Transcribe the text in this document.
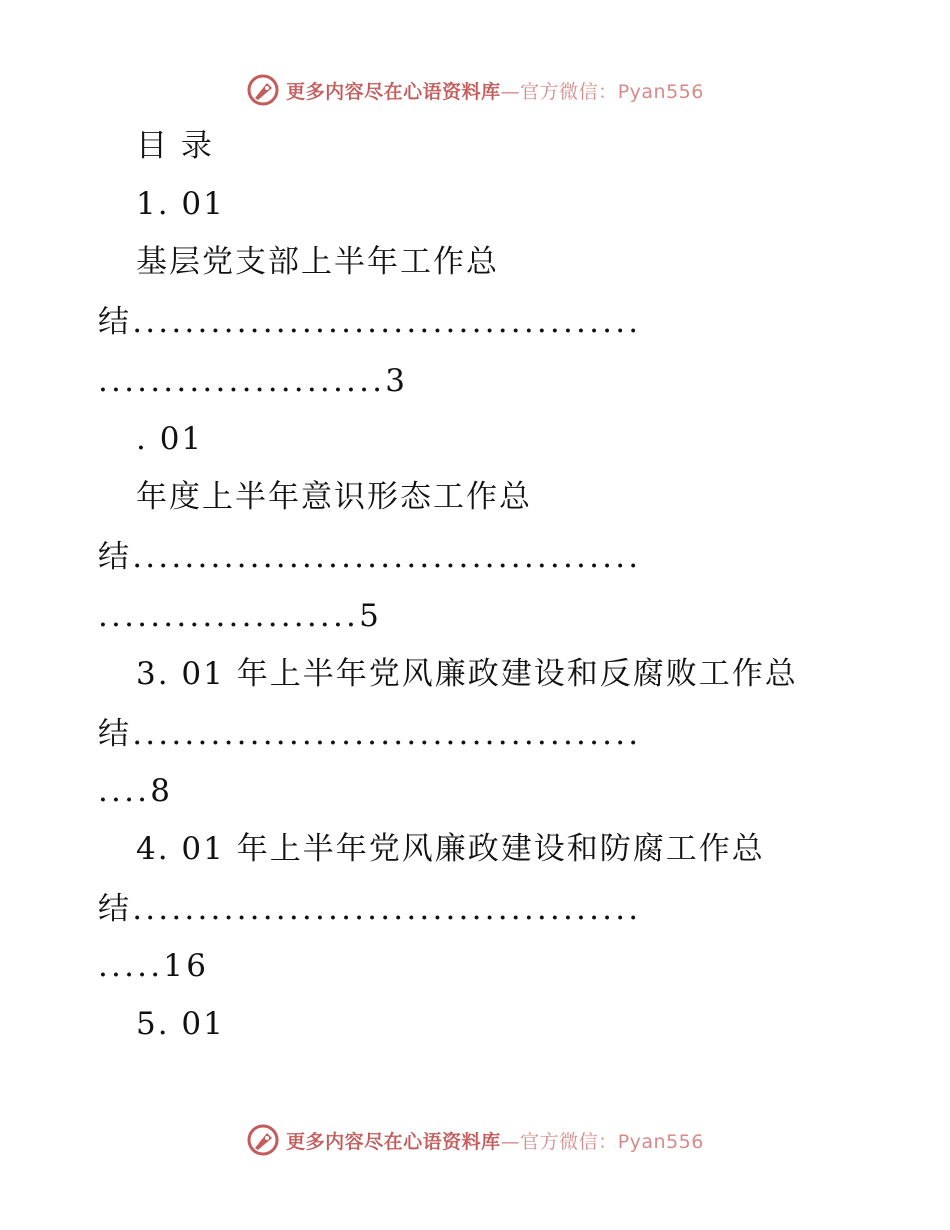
更多内容尽在心语资料库—官方微信：Pyan556
目 录
1. 01
基层党支部上半年工作总
结.......................................
......................3
. 01
年度上半年意识形态工作总
结.......................................
....................5
3. 01 年上半年党风廉政建设和反腐败工作总
结.......................................
....8
4. 01 年上半年党风廉政建设和防腐工作总
结.......................................
.....16
5. 01
更多内容尽在心语资料库—官方微信：Pyan556
